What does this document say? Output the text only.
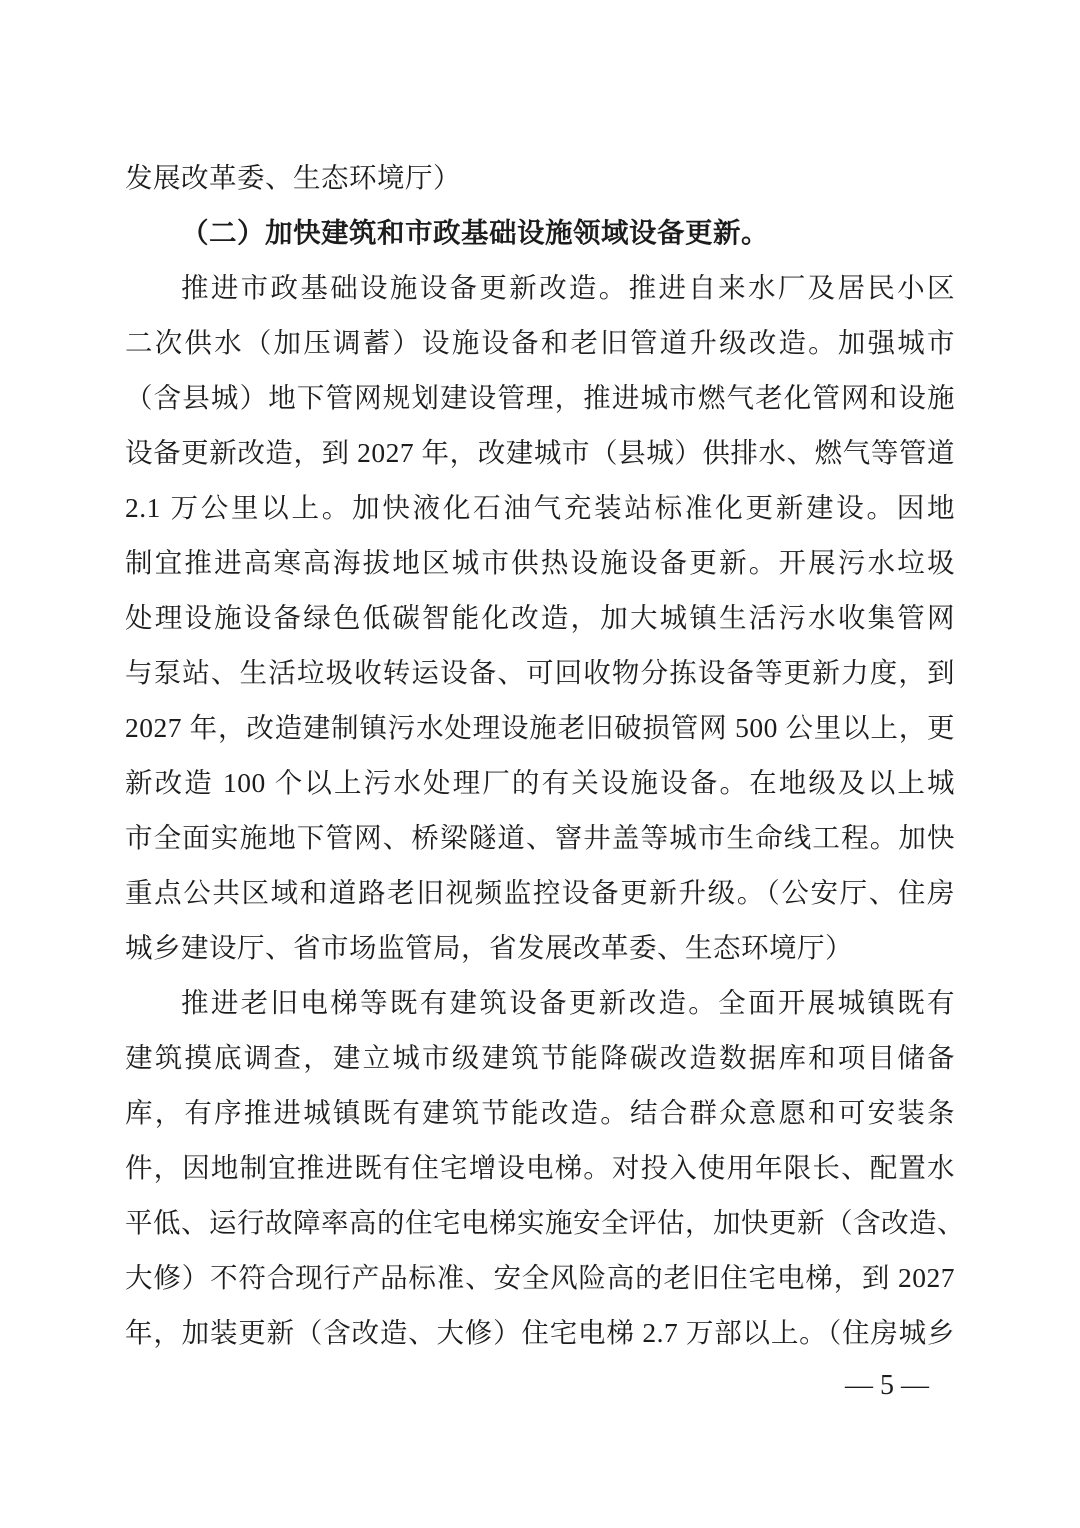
发展改革委、生态环境厅）
（二）加快建筑和市政基础设施领域设备更新。
推进市政基础设施设备更新改造。推进自来水厂及居民小区
二次供水（加压调蓄）设施设备和老旧管道升级改造。加强城市
（含县城）地下管网规划建设管理，推进城市燃气老化管网和设施
设备更新改造，到 2027 年，改建城市（县城）供排水、燃气等管道
2.1 万公里以上。加快液化石油气充装站标准化更新建设。因地
制宜推进高寒高海拔地区城市供热设施设备更新。开展污水垃圾
处理设施设备绿色低碳智能化改造，加大城镇生活污水收集管网
与泵站、生活垃圾收转运设备、可回收物分拣设备等更新力度，到
2027 年，改造建制镇污水处理设施老旧破损管网 500 公里以上，更
新改造 100 个以上污水处理厂的有关设施设备。在地级及以上城
市全面实施地下管网、桥梁隧道、窨井盖等城市生命线工程。加快
重点公共区域和道路老旧视频监控设备更新升级。（公安厅、住房
城乡建设厅、省市场监管局，省发展改革委、生态环境厅）
推进老旧电梯等既有建筑设备更新改造。全面开展城镇既有
建筑摸底调查，建立城市级建筑节能降碳改造数据库和项目储备
库，有序推进城镇既有建筑节能改造。结合群众意愿和可安装条
件，因地制宜推进既有住宅增设电梯。对投入使用年限长、配置水
平低、运行故障率高的住宅电梯实施安全评估，加快更新（含改造、
大修）不符合现行产品标准、安全风险高的老旧住宅电梯，到 2027
年，加装更新（含改造、大修）住宅电梯 2.7 万部以上。（住房城乡
— 5 —
